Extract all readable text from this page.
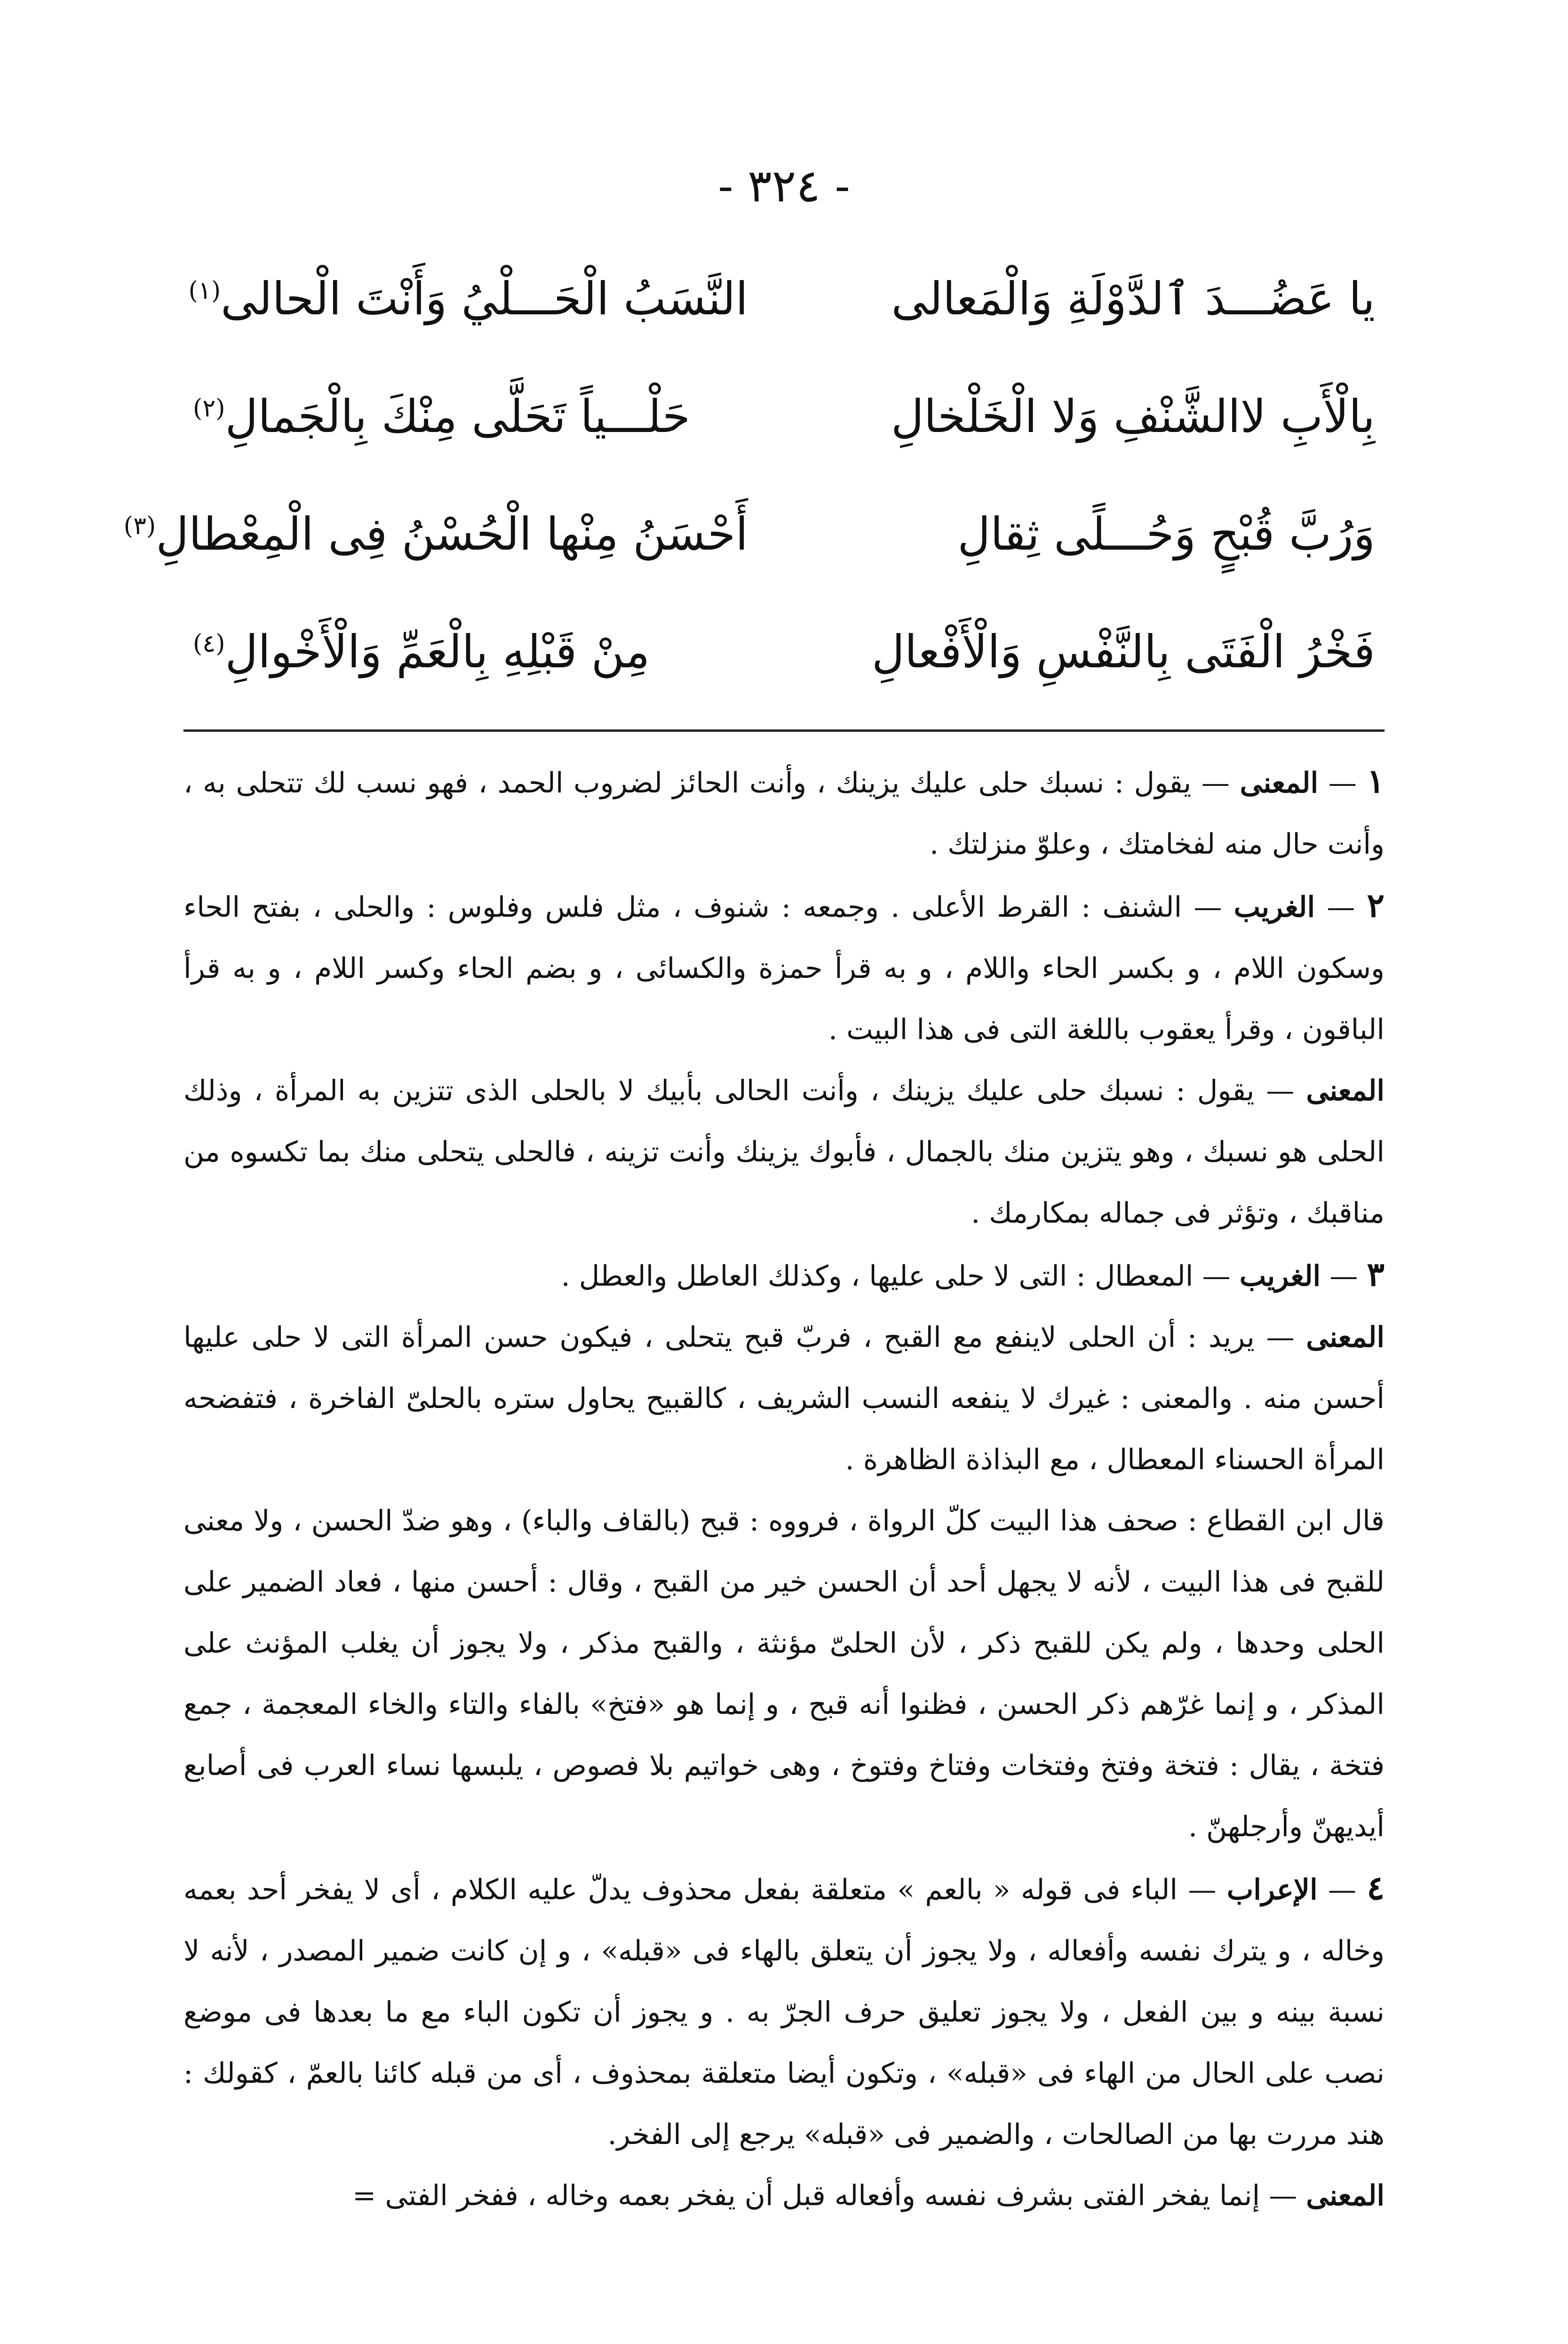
- ٣٢٤ -
يا عَضُـــدَ ٱلدَّوْلَةِ وَالْمَعالى
النَّسَبُ الْحَـــلْيُ وَأَنْتَ الْحالى$^{(١)}$
بِالْأَبِ لاالشَّنْفِ وَلا الْخَلْخالِ
حَلْـــياً تَحَلَّى مِنْكَ بِالْجَمالِ$^{(٢)}$
وَرُبَّ قُبْحٍ وَحُـــلًى ثِقالِ
أَحْسَنُ مِنْها الْحُسْنُ فِى الْمِعْطالِ$^{(٣)}$
فَخْرُ الْفَتَى بِالنَّفْسِ وَالْأَفْعالِ
مِنْ قَبْلِهِ بِالْعَمِّ وَالْأَخْوالِ$^{(٤)}$

١ — المعنى — يقول : نسبك حلى عليك يزينك ، وأنت الحائز لضروب الحمد ، فهو نسب لك تتحلى به ، وأنت حال منه لفخامتك ، وعلوّ منزلتك .

٢ — الغريب — الشنف : القرط الأعلى . وجمعه : شنوف ، مثل فلس وفلوس : والحلى ، بفتح الحاء وسكون اللام ، و بكسر الحاء واللام ، و به قرأ حمزة والكسائى ، و بضم الحاء وكسر اللام ، و به قرأ الباقون ، وقرأ يعقوب باللغة التى فى هذا البيت .

المعنى — يقول : نسبك حلى عليك يزينك ، وأنت الحالى بأبيك لا بالحلى الذى تتزين به المرأة ، وذلك الحلى هو نسبك ، وهو يتزين منك بالجمال ، فأبوك يزينك وأنت تزينه ، فالحلى يتحلى منك بما تكسوه من مناقبك ، وتؤثر فى جماله بمكارمك .

٣ — الغريب — المعطال : التى لا حلى عليها ، وكذلك العاطل والعطل .

المعنى — يريد : أن الحلى لاينفع مع القبح ، فربّ قبح يتحلى ، فيكون حسن المرأة التى لا حلى عليها أحسن منه . والمعنى : غيرك لا ينفعه النسب الشريف ، كالقبيح يحاول ستره بالحلىّ الفاخرة ، فتفضحه المرأة الحسناء المعطال ، مع البذاذة الظاهرة .

قال ابن القطاع : صحف هذا البيت كلّ الرواة ، فرووه : قبح (بالقاف والباء) ، وهو ضدّ الحسن ، ولا معنى للقبح فى هذا البيت ، لأنه لا يجهل أحد أن الحسن خير من القبح ، وقال : أحسن منها ، فعاد الضمير على الحلى وحدها ، ولم يكن للقبح ذكر ، لأن الحلىّ مؤنثة ، والقبح مذكر ، ولا يجوز أن يغلب المؤنث على المذكر ، و إنما غرّهم ذكر الحسن ، فظنوا أنه قبح ، و إنما هو «فتخ» بالفاء والتاء والخاء المعجمة ، جمع فتخة ، يقال : فتخة وفتخ وفتخات وفتاخ وفتوخ ، وهى خواتيم بلا فصوص ، يلبسها نساء العرب فى أصابع أيديهنّ وأرجلهنّ .

٤ — الإعراب — الباء فى قوله « بالعم » متعلقة بفعل محذوف يدلّ عليه الكلام ، أى لا يفخر أحد بعمه وخاله ، و يترك نفسه وأفعاله ، ولا يجوز أن يتعلق بالهاء فى «قبله» ، و إن كانت ضمير المصدر ، لأنه لا نسبة بينه و بين الفعل ، ولا يجوز تعليق حرف الجرّ به . و يجوز أن تكون الباء مع ما بعدها فى موضع نصب على الحال من الهاء فى «قبله» ، وتكون أيضا متعلقة بمحذوف ، أى من قبله كائنا بالعمّ ، كقولك : هند مررت بها من الصالحات ، والضمير فى «قبله» يرجع إلى الفخر.

المعنى — إنما يفخر الفتى بشرف نفسه وأفعاله قبل أن يفخر بعمه وخاله ، ففخر الفتى =
